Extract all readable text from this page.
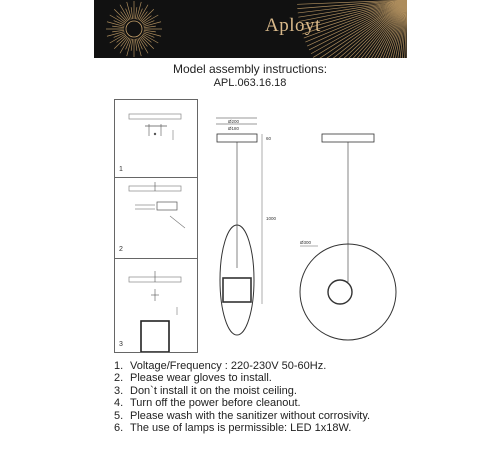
Aployt
Model assembly instructions:
APL.063.16.18
1
2
3
Ø200
Ø180
60
1000
Ø300
1. Voltage/Frequency : 220-230V 50-60Hz.
2. Please wear gloves to install.
3. Don`t install it on the moist ceiling.
4. Turn off the power before cleanout.
5. Please wash with the sanitizer without corrosivity.
6. The use of lamps is permissible: LED 1x18W.
